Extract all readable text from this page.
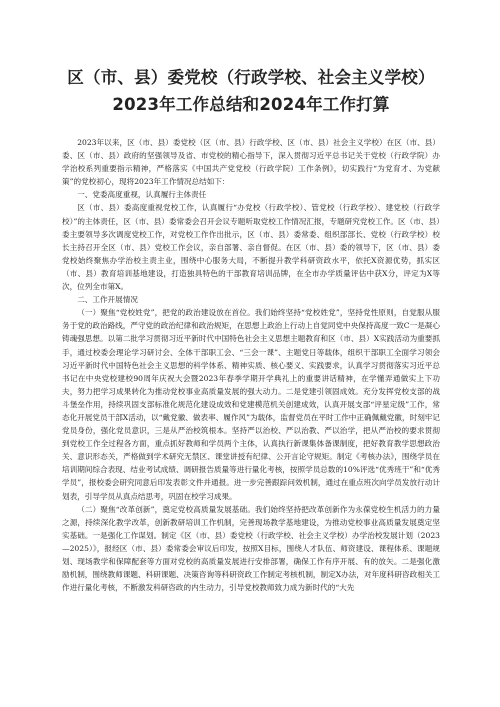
区（市、县）委党校（行政学校、社会主义学校）2023年工作总结和2024年工作打算

2023年以来，区（市、县）委党校（区（市、县）行政学校、区（市、县）社会主义学校）在区（市、县）委、区（市、县）政府的坚强领导及省、市党校的精心指导下，深入贯彻习近平总书记关于党校（行政学院）办学治校系列重要指示精神，严格落实《中国共产党党校（行政学院）工作条例》，切实践行“为党育才、为党献策”的党校初心，现将2023年工作情况总结如下：

一、党委高度重视，认真履行主体责任

区（市、县）委高度重视党校工作，认真履行“办党校（行政学校）、管党校（行政学校）、建党校（行政学校）”的主体责任，区（市、县）委常委会召开会议专题听取党校工作情况汇报，专题研究党校工作。区（市、县）委主要领导多次调度党校工作，对党校工作作出批示，区（市、县）委常委、组织部部长、党校（行政学校）校长主持召开全区（市、县）党校工作会议，亲自部署、亲自督促。在区（市、县）委的领导下，区（市、县）委党校始终聚焦办学治校主责主业，围绕中心服务大局，不断提升教学科研资政水平，依托X资源优势，抓实区（市、县）教育培训基地建设，打造独具特色的干部教育培训品牌，在全市办学质量评估中获X分，评定为X等次，位列全市第X。

二、工作开展情况

（一）聚焦“党校姓党”，把党的政治建设放在首位。我们始终坚持“党校姓党”，坚持党性原则，自觉服从服务于党的政治路线，严守党的政治纪律和政治规矩，在思想上政治上行动上自觉同党中央保持高度一致C一是凝心铸魂强思想。以第二批学习贯彻习近平新时代中国特色社会主义思想主题教育和区（市、县）X实践活动为重要抓手，通过校委会理论学习研讨会、全体干部职工会、“三会一课”、主题党日等载体，组织干部职工全面学习领会习近平新时代中国特色社会主义思想的科学体系、精神实质、核心要义、实践要求，认真学习贯彻落实习近平总书记在中央党校建校90周年庆祝大会暨2023年春季学期开学典礼上的重要讲话精神，在学懂弄通做实上下功夫，努力把学习成果转化为推动党校事业高质量发展的强大动力。二是党建引领固成效。充分发挥党校支部的战斗堡垒作用，持续巩固支部标准化规范化建设成效和党建模范机关创建成效，认真开展支部“评星定级”工作，常态化开展党员干部X活动，以“戴党徽、做表率、履作风”为载体，监督党员在平时工作中正确佩戴党徽，时刻牢记党员身份，强化党员意识，三是从严治校筑根本。坚持严以治校、严以治教、严以治学，把从严治校的要求贯彻到党校工作全过程各方面，重点抓好教师和学员两个主体，认真执行新课集体备课制度，把好教育教学思想政治关、意识形态关，严格做到学术研究无禁区、课堂讲授有纪律、公开言论守规矩。制定《考核办法》，围绕学员在培训期间综合表现、结业考试成绩、调研报告质量等进行量化考核，按照学员总数的10%评选“优秀班干”和“优秀学员”，报校委会研究同意后印发表彰文件并通报。进一步完善跟踪问效机制，通过在重点班次向学员发放行动计划表，引导学员从真点结思考，巩固在校学习成果。

（二）聚焦“改革创新”，奠定党校高质量发展基础。我们始终坚持把改革创新作为永葆党校生机活力的力量之源，持续深化教学改革，创新教研培训工作机制，完善现场教学基地建设，为推动党校事业高质量发展奠定坚实基础。一是强化工作谋划。制定《区（市、县）委党校（行政学校、社会主义学校）办学治校发展计划（2023—2025）》，报经区（市、县）委常委会审议后印发，按照X目标，围绕人才队伍、师资建设、课程体系、课题规划、现场教学和保障配套等方面对党校的高质量发展进行安排部署，确保工作有序开展、有的放矢。二是强化激励机制，围绕教师课题、科研课题、决策咨询等科研资政工作制定考核机制，制定X办法，对年度科研咨政相关工作进行量化考核，不断激发科研咨政的内生动力，引导党校教师致力成为新时代的“大先
